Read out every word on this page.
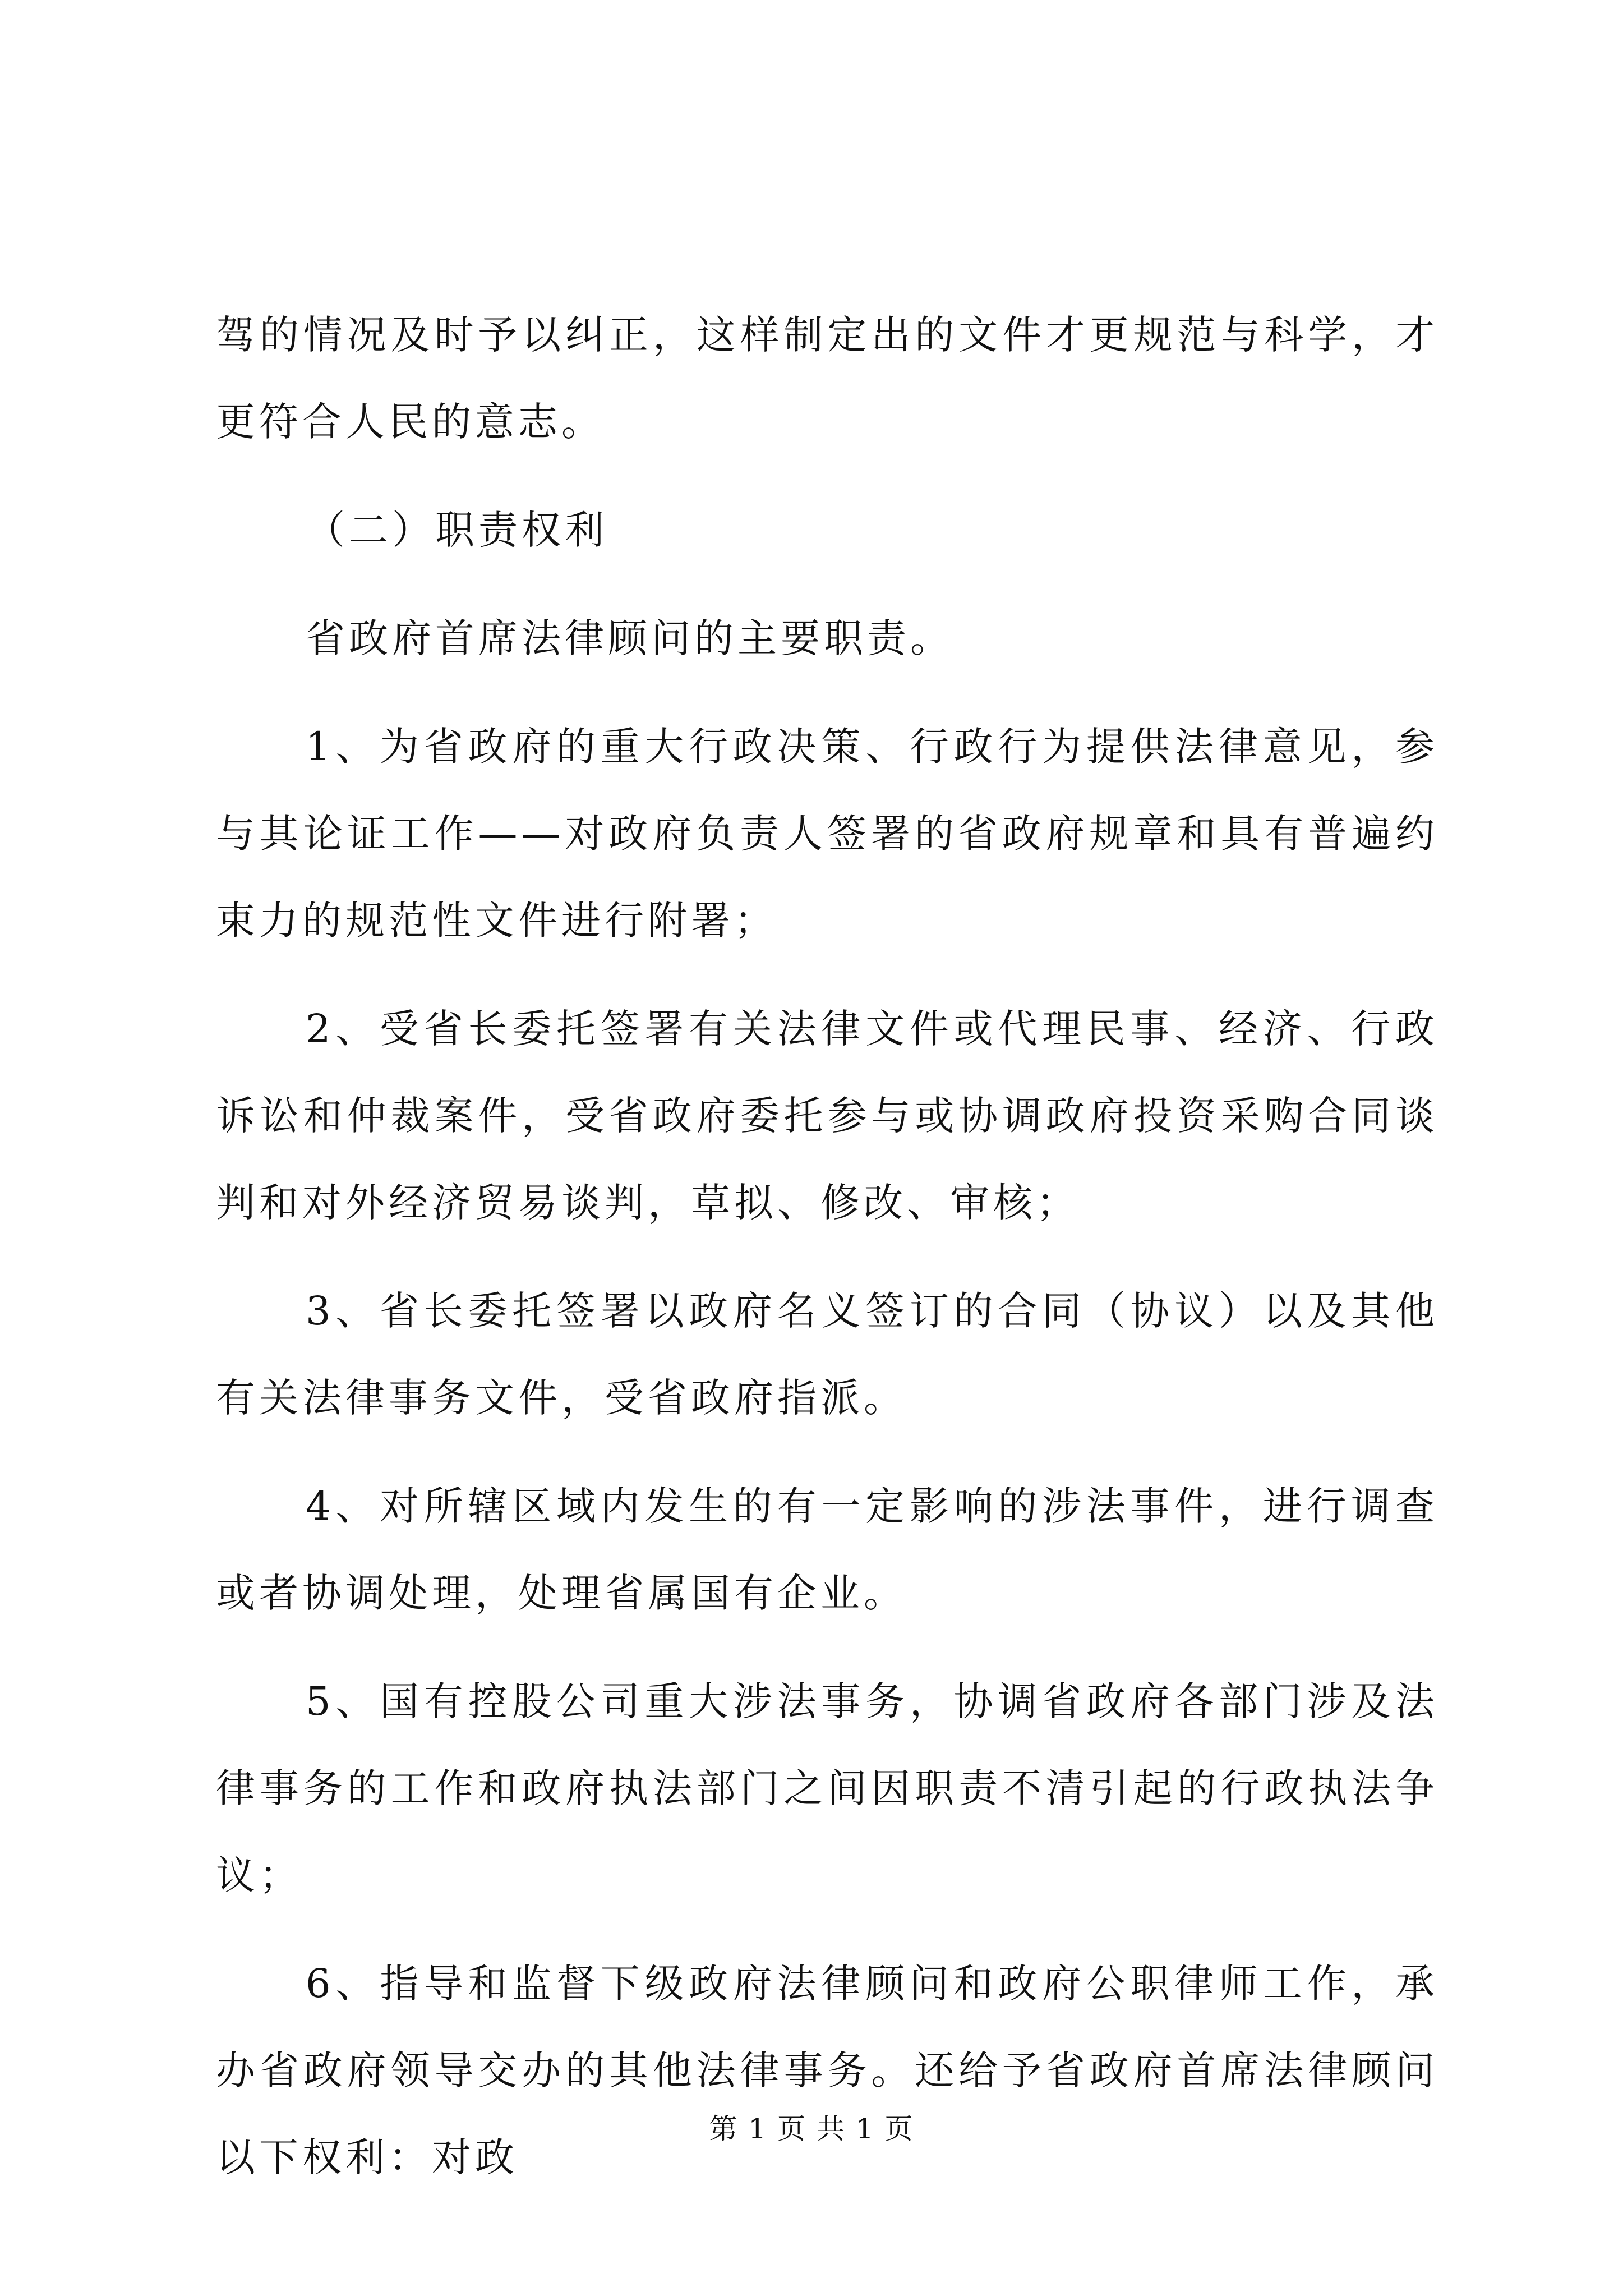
驾的情况及时予以纠正，这样制定出的文件才更规范与科学，才更符合人民的意志。

（二）职责权利

省政府首席法律顾问的主要职责。

1、为省政府的重大行政决策、行政行为提供法律意见，参与其论证工作——对政府负责人签署的省政府规章和具有普遍约束力的规范性文件进行附署；

2、受省长委托签署有关法律文件或代理民事、经济、行政诉讼和仲裁案件，受省政府委托参与或协调政府投资采购合同谈判和对外经济贸易谈判，草拟、修改、审核；

3、省长委托签署以政府名义签订的合同（协议）以及其他有关法律事务文件，受省政府指派。

4、对所辖区域内发生的有一定影响的涉法事件，进行调查或者协调处理，处理省属国有企业。

5、国有控股公司重大涉法事务，协调省政府各部门涉及法律事务的工作和政府执法部门之间因职责不清引起的行政执法争议；

6、指导和监督下级政府法律顾问和政府公职律师工作，承办省政府领导交办的其他法律事务。还给予省政府首席法律顾问以下权利：对政

第 1 页 共 1 页
